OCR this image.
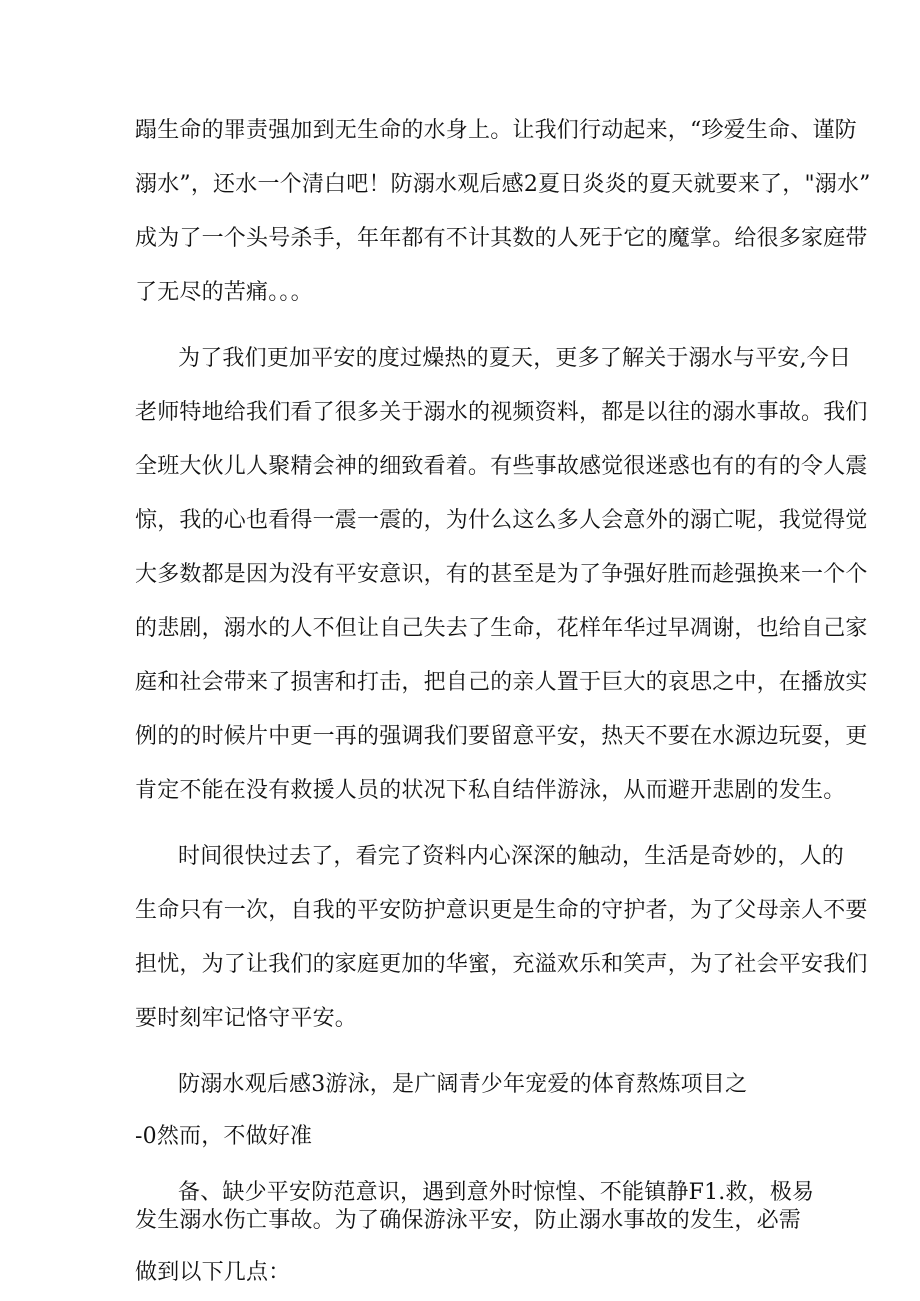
蹋生命的罪责强加到无生命的水身上。让我们行动起来，“珍爱生命、谨防
溺水”，还水一个清白吧！防溺水观后感2夏日炎炎的夏天就要来了，"溺水”
成为了一个头号杀手，年年都有不计其数的人死于它的魔掌。给很多家庭带
了无尽的苦痛。。。
为了我们更加平安的度过燥热的夏天，更多了解关于溺水与平安,今日
老师特地给我们看了很多关于溺水的视频资料，都是以往的溺水事故。我们
全班大伙儿人聚精会神的细致看着。有些事故感觉很迷惑也有的有的令人震
惊，我的心也看得一震一震的，为什么这么多人会意外的溺亡呢，我觉得觉
大多数都是因为没有平安意识，有的甚至是为了争强好胜而趁强换来一个个
的悲剧，溺水的人不但让自己失去了生命，花样年华过早凋谢，也给自己家
庭和社会带来了损害和打击，把自己的亲人置于巨大的哀思之中，在播放实
例的的时候片中更一再的强调我们要留意平安，热天不要在水源边玩耍，更
肯定不能在没有救援人员的状况下私自结伴游泳，从而避开悲剧的发生。
时间很快过去了，看完了资料内心深深的触动，生活是奇妙的，人的
生命只有一次，自我的平安防护意识更是生命的守护者，为了父母亲人不要
担忧，为了让我们的家庭更加的华蜜，充溢欢乐和笑声，为了社会平安我们
要时刻牢记恪守平安。
防溺水观后感3游泳，是广阔青少年宠爱的体育熬炼项目之
-0然而，不做好准
备、缺少平安防范意识，遇到意外时惊惶、不能镇静F1.救，极易
发生溺水伤亡事故。为了确保游泳平安，防止溺水事故的发生，必需
做到以下几点：
